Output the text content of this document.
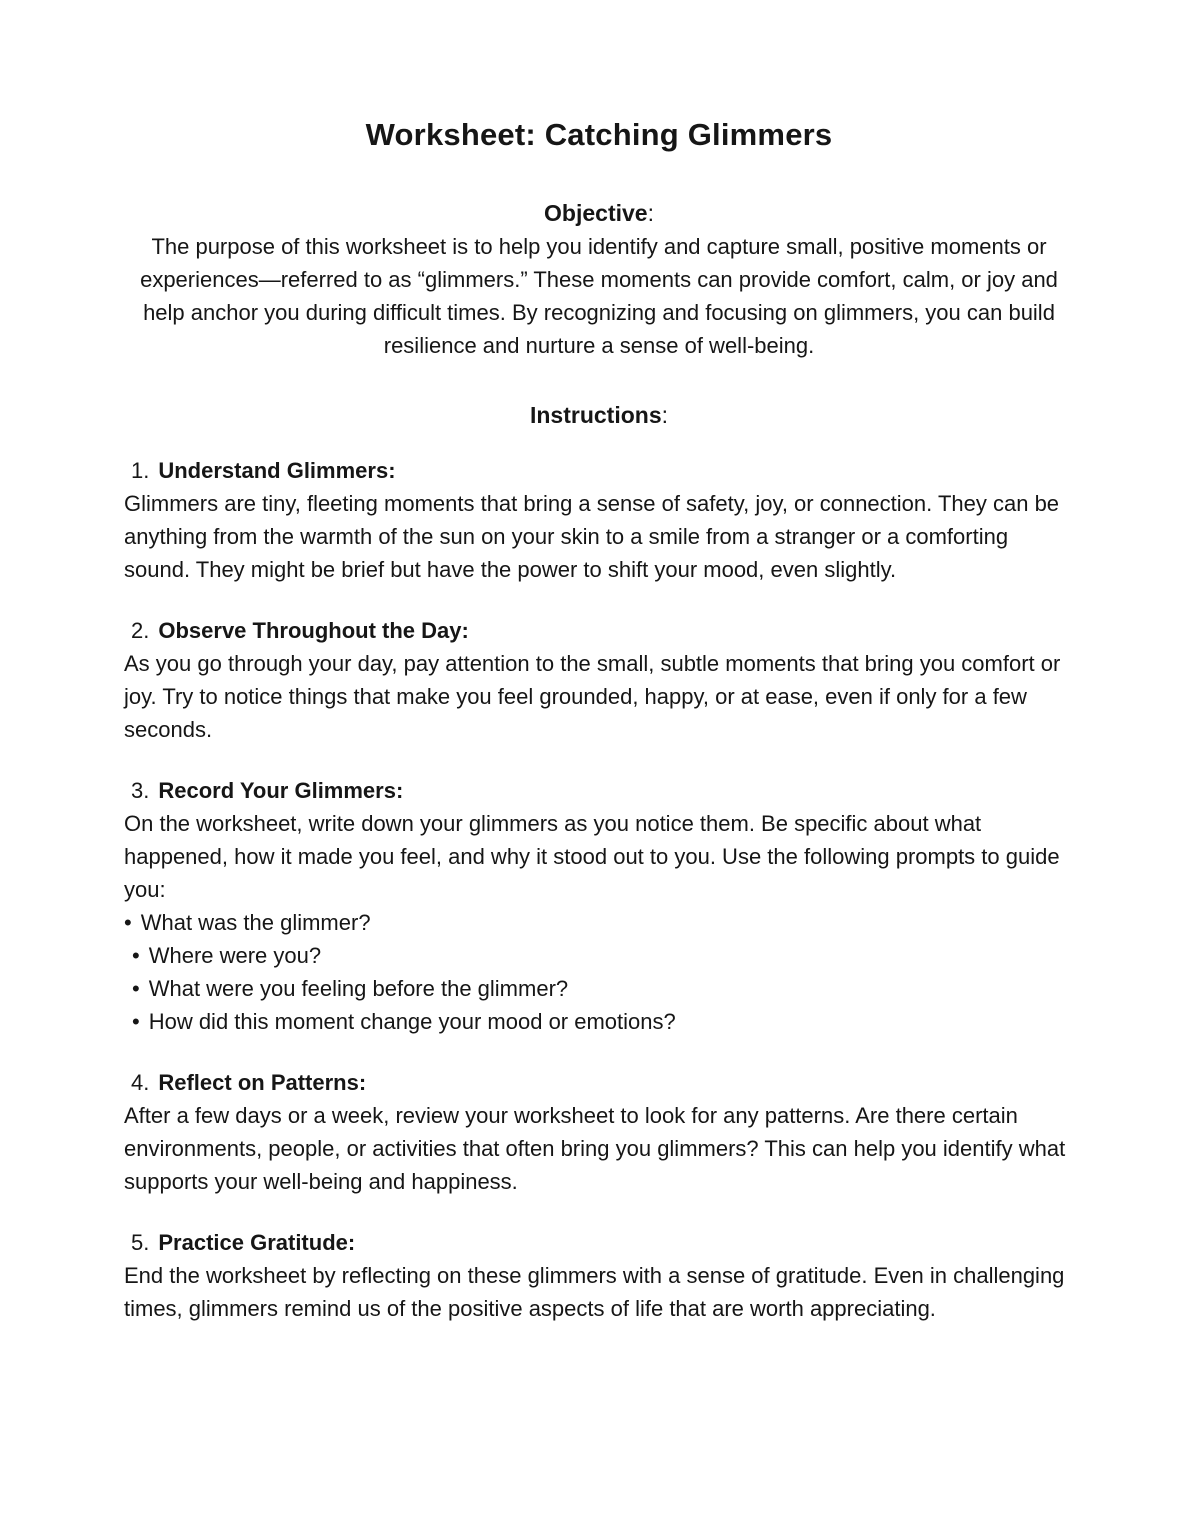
Worksheet: Catching Glimmers
Objective:

The purpose of this worksheet is to help you identify and capture small, positive moments or experiences—referred to as “glimmers.” These moments can provide comfort, calm, or joy and help anchor you during difficult times. By recognizing and focusing on glimmers, you can build resilience and nurture a sense of well-being.

Instructions:
1. Understand Glimmers:

Glimmers are tiny, fleeting moments that bring a sense of safety, joy, or connection. They can be anything from the warmth of the sun on your skin to a smile from a stranger or a comforting sound. They might be brief but have the power to shift your mood, even slightly.

2. Observe Throughout the Day:

As you go through your day, pay attention to the small, subtle moments that bring you comfort or joy. Try to notice things that make you feel grounded, happy, or at ease, even if only for a few seconds.

3. Record Your Glimmers:

On the worksheet, write down your glimmers as you notice them. Be specific about what happened, how it made you feel, and why it stood out to you. Use the following prompts to guide you:

• What was the glimmer?
• Where were you?
• What were you feeling before the glimmer?
• How did this moment change your mood or emotions?
4. Reflect on Patterns:

After a few days or a week, review your worksheet to look for any patterns. Are there certain environments, people, or activities that often bring you glimmers? This can help you identify what supports your well-being and happiness.

5. Practice Gratitude:

End the worksheet by reflecting on these glimmers with a sense of gratitude. Even in challenging times, glimmers remind us of the positive aspects of life that are worth appreciating.
